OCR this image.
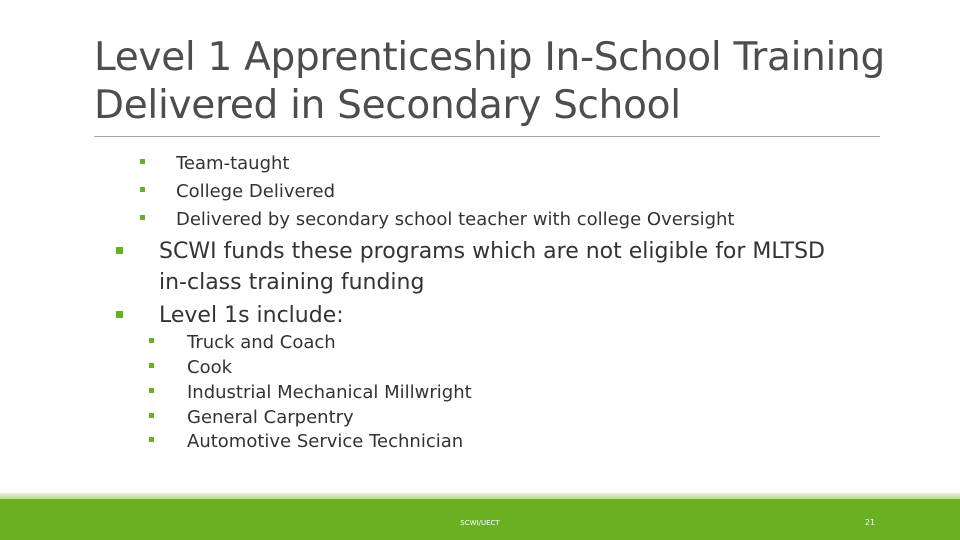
Level 1 Apprenticeship In-School Training Delivered in Secondary School
Team-taught
College Delivered
Delivered by secondary school teacher with college Oversight
SCWI funds these programs which are not eligible for MLTSD in-class training funding
Level 1s include:
Truck and Coach
Cook
Industrial Mechanical Millwright
General Carpentry
Automotive Service Technician
SCWI/UECT	21
